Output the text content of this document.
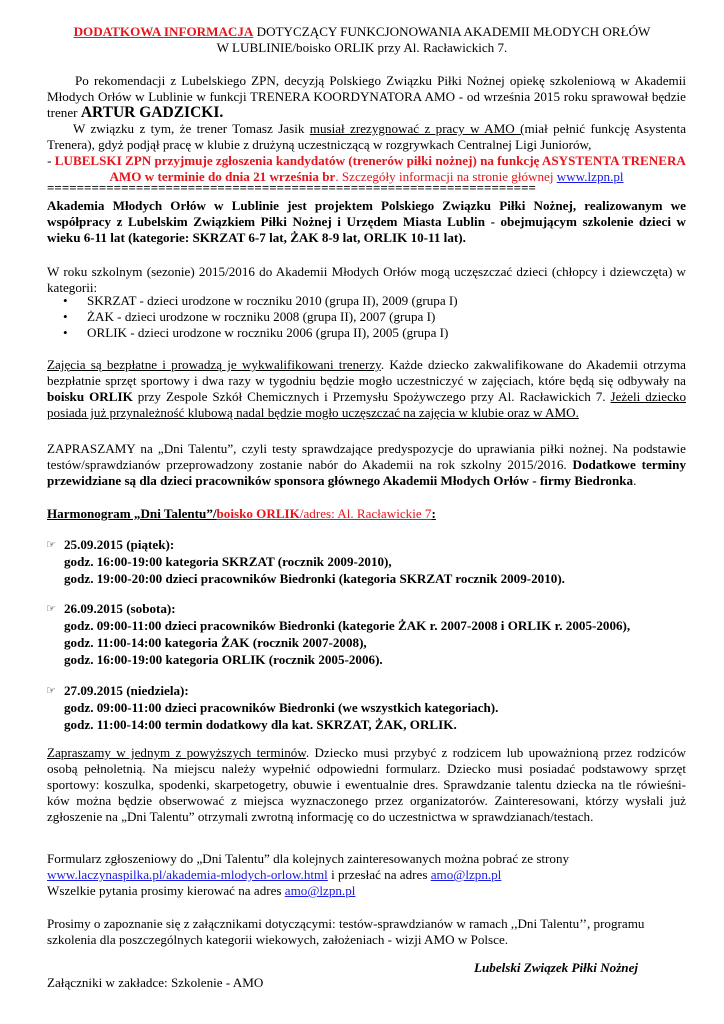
DODATKOWA INFORMACJA DOTYCZĄCY FUNKCJONOWANIA AKADEMII MŁODYCH ORŁÓW
W LUBLINIE/boisko ORLIK przy Al. Racławickich 7.
Po rekomendacji z Lubelskiego ZPN, decyzją Polskiego Związku Piłki Nożnej opiekę szkoleniową w Akademii Młodych Orłów w Lublinie w funkcji TRENERA KOORDYNATORA AMO - od września 2015 roku sprawował będzie trener ARTUR GADZICKI.
W związku z tym, że trener Tomasz Jasik musiał zrezygnować z pracy w AMO (miał pełnić funkcję Asystenta Trenera), gdyż podjął pracę w klubie z drużyną uczestniczącą w rozgrywkach Centralnej Ligi Juniorów,
- LUBELSKI ZPN przyjmuje zgłoszenia kandydatów (trenerów piłki nożnej) na funkcję ASYSTENTA TRENERA AMO w terminie do dnia 21 września br. Szczegóły informacji na stronie głównej www.lzpn.pl
==================================================================
Akademia Młodych Orłów w Lublinie jest projektem Polskiego Związku Piłki Nożnej, realizowanym we współpracy z Lubelskim Związkiem Piłki Nożnej i Urzędem Miasta Lublin - obejmującym szkolenie dzieci w wieku 6-11 lat (kategorie: SKRZAT 6-7 lat, ŻAK 8-9 lat, ORLIK 10-11 lat).
W roku szkolnym (sezonie) 2015/2016 do Akademii Młodych Orłów mogą uczęszczać dzieci (chłopcy i dziewczęta) w kategorii:
• SKRZAT - dzieci urodzone w roczniku 2010 (grupa II), 2009 (grupa I)
• ŻAK - dzieci urodzone w roczniku 2008 (grupa II), 2007 (grupa I)
• ORLIK - dzieci urodzone w roczniku 2006 (grupa II), 2005 (grupa I)
Zajęcia są bezpłatne i prowadzą je wykwalifikowani trenerzy. Każde dziecko zakwalifikowane do Akademii otrzyma bezpłatnie sprzęt sportowy i dwa razy w tygodniu będzie mogło uczestniczyć w zajęciach, które będą się odbywały na boisku ORLIK przy Zespole Szkół Chemicznych i Przemysłu Spożywczego przy Al. Racławickich 7. Jeżeli dziecko posiada już przynależność klubową nadal będzie mogło uczęszczać na zajęcia w klubie oraz w AMO.
ZAPRASZAMY na „Dni Talentu”, czyli testy sprawdzające predyspozycje do uprawiania piłki nożnej. Na podstawie testów/sprawdzianów przeprowadzony zostanie nabór do Akademii na rok szkolny 2015/2016. Dodatkowe terminy przewidziane są dla dzieci pracowników sponsora głównego Akademii Młodych Orłów - firmy Biedronka.
Harmonogram „Dni Talentu”/boisko ORLIK/adres: Al. Racławickie 7:
☞ 25.09.2015 (piątek):
godz. 16:00-19:00 kategoria SKRZAT (rocznik 2009-2010),
godz. 19:00-20:00 dzieci pracowników Biedronki (kategoria SKRZAT rocznik 2009-2010).
☞ 26.09.2015 (sobota):
godz. 09:00-11:00 dzieci pracowników Biedronki (kategorie ŻAK r. 2007-2008 i ORLIK r. 2005-2006),
godz. 11:00-14:00 kategoria ŻAK (rocznik 2007-2008),
godz. 16:00-19:00 kategoria ORLIK (rocznik 2005-2006).
☞ 27.09.2015 (niedziela):
godz. 09:00-11:00 dzieci pracowników Biedronki (we wszystkich kategoriach).
godz. 11:00-14:00 termin dodatkowy dla kat. SKRZAT, ŻAK, ORLIK.
Zapraszamy w jednym z powyższych terminów. Dziecko musi przybyć z rodzicem lub upoważnioną przez rodziców osobą pełnoletnią. Na miejscu należy wypełnić odpowiedni formularz. Dziecko musi posiadać podstawowy sprzęt sportowy: koszulka, spodenki, skarpetogetry, obuwie i ewentualnie dres. Sprawdzanie talentu dziecka na tle rówieśni-ków można będzie obserwować z miejsca wyznaczonego przez organizatorów. Zainteresowani, którzy wysłali już zgłoszenie na „Dni Talentu” otrzymali zwrotną informację co do uczestnictwa w sprawdzianach/testach.
Formularz zgłoszeniowy do „Dni Talentu” dla kolejnych zainteresowanych można pobrać ze strony
www.laczynaspilka.pl/akademia-mlodych-orlow.html i przesłać na adres amo@lzpn.pl
Wszelkie pytania prosimy kierować na adres amo@lzpn.pl
Prosimy o zapoznanie się z załącznikami dotyczącymi: testów-sprawdzianów w ramach ,,Dni Talentu’’, programu szkolenia dla poszczególnych kategorii wiekowych, założeniach - wizji AMO w Polsce.
Lubelski Związek Piłki Nożnej
Załączniki w zakładce: Szkolenie - AMO
